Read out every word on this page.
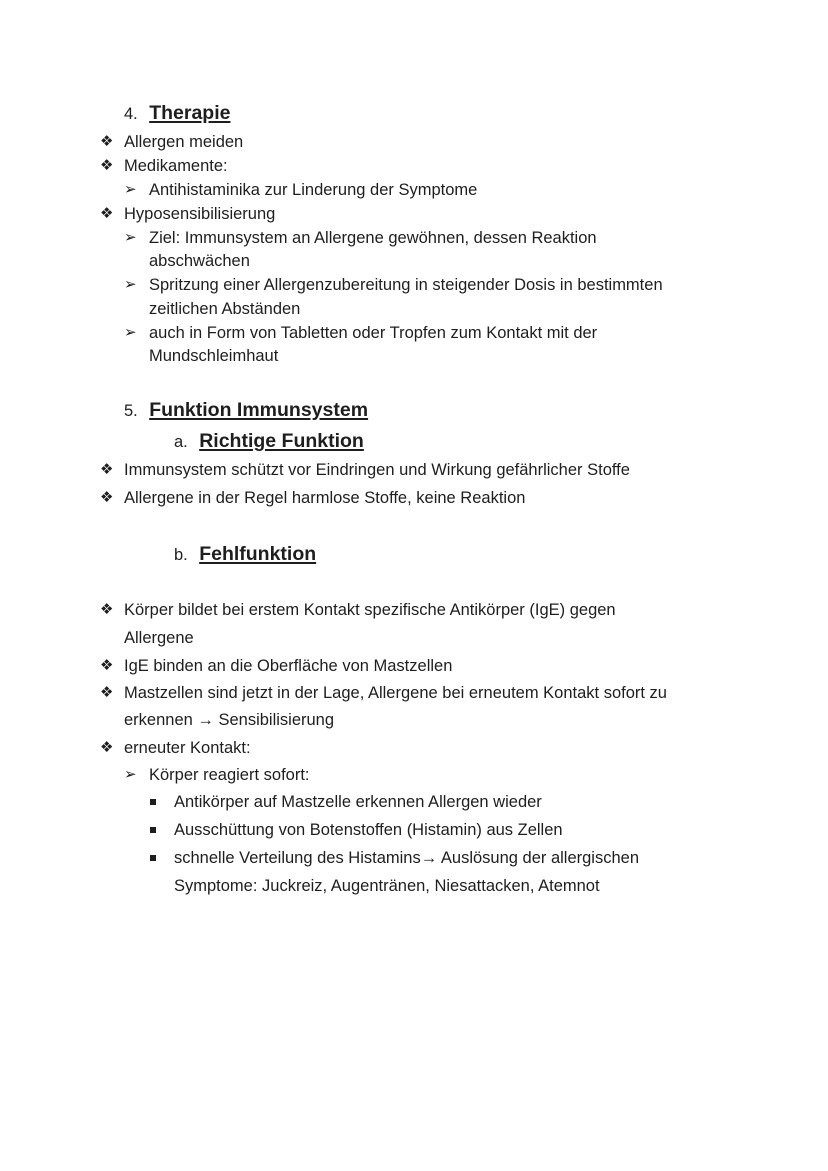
4. Therapie
❖ Allergen meiden
❖ Medikamente:
➢ Antihistaminika zur Linderung der Symptome
❖ Hyposensibilisierung
➢ Ziel: Immunsystem an Allergene gewöhnen, dessen Reaktion
abschwächen
➢ Spritzung einer Allergenzubereitung in steigender Dosis in bestimmten
zeitlichen Abständen
➢ auch in Form von Tabletten oder Tropfen zum Kontakt mit der
Mundschleimhaut
5. Funktion Immunsystem
a. Richtige Funktion
❖ Immunsystem schützt vor Eindringen und Wirkung gefährlicher Stoffe
❖ Allergene in der Regel harmlose Stoffe, keine Reaktion
b. Fehlfunktion
❖ Körper bildet bei erstem Kontakt spezifische Antikörper (IgE) gegen
Allergene
❖ IgE binden an die Oberfläche von Mastzellen
❖ Mastzellen sind jetzt in der Lage, Allergene bei erneutem Kontakt sofort zu
erkennen → Sensibilisierung
❖ erneuter Kontakt:
➢ Körper reagiert sofort:
Antikörper auf Mastzelle erkennen Allergen wieder
Ausschüttung von Botenstoffen (Histamin) aus Zellen
schnelle Verteilung des Histamins→ Auslösung der allergischen
Symptome: Juckreiz, Augentränen, Niesattacken, Atemnot
